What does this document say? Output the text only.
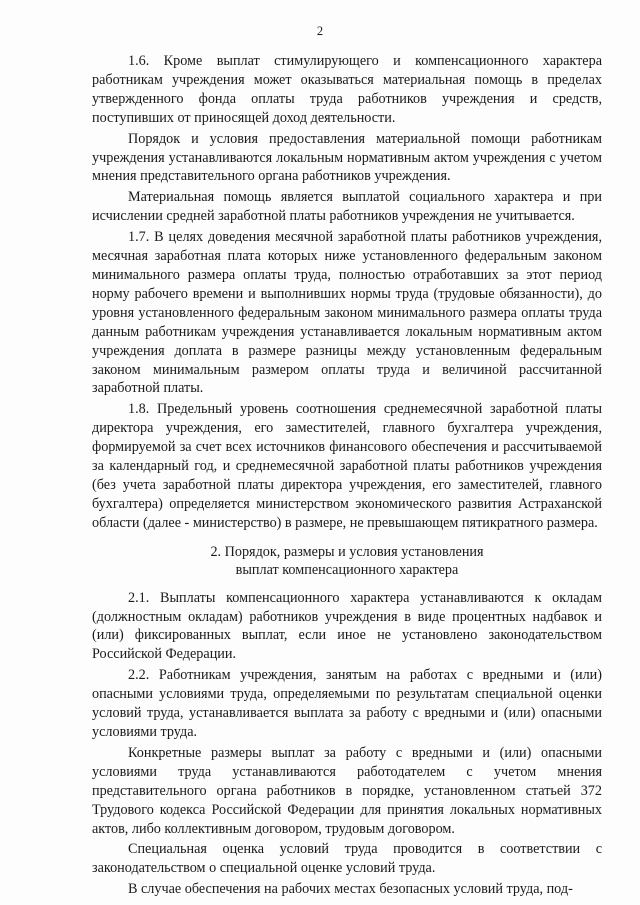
2

1.6. Кроме выплат стимулирующего и компенсационного характера работникам учреждения может оказываться материальная помощь в пределах утвержденного фонда оплаты труда работников учреждения и средств, поступивших от приносящей доход деятельности.

Порядок и условия предоставления материальной помощи работникам учреждения устанавливаются локальным нормативным актом учреждения с учетом мнения представительного органа работников учреждения.

Материальная помощь является выплатой социального характера и при исчислении средней заработной платы работников учреждения не учитывается.

1.7. В целях доведения месячной заработной платы работников учреждения, месячная заработная плата которых ниже установленного федеральным законом минимального размера оплаты труда, полностью отработавших за этот период норму рабочего времени и выполнивших нормы труда (трудовые обязанности), до уровня установленного федеральным законом минимального размера оплаты труда данным работникам учреждения устанавливается локальным нормативным актом учреждения доплата в размере разницы между установленным федеральным законом минимальным размером оплаты труда и величиной рассчитанной заработной платы.

1.8. Предельный уровень соотношения среднемесячной заработной платы директора учреждения, его заместителей, главного бухгалтера учреждения, формируемой за счет всех источников финансового обеспечения и рассчитываемой за календарный год, и среднемесячной заработной платы работников учреждения (без учета заработной платы директора учреждения, его заместителей, главного бухгалтера) определяется министерством экономического развития Астраханской области (далее - министерство) в размере, не превышающем пятикратного размера.

2. Порядок, размеры и условия установления
выплат компенсационного характера

2.1. Выплаты компенсационного характера устанавливаются к окладам (должностным окладам) работников учреждения в виде процентных надбавок и (или) фиксированных выплат, если иное не установлено законодательством Российской Федерации.

2.2. Работникам учреждения, занятым на работах с вредными и (или) опасными условиями труда, определяемыми по результатам специальной оценки условий труда, устанавливается выплата за работу с вредными и (или) опасными условиями труда.

Конкретные размеры выплат за работу с вредными и (или) опасными условиями труда устанавливаются работодателем с учетом мнения представительного органа работников в порядке, установленном статьей 372 Трудового кодекса Российской Федерации для принятия локальных нормативных актов, либо коллективным договором, трудовым договором.

Специальная оценка условий труда проводится в соответствии с законодательством о специальной оценке условий труда.

В случае обеспечения на рабочих местах безопасных условий труда, под-
